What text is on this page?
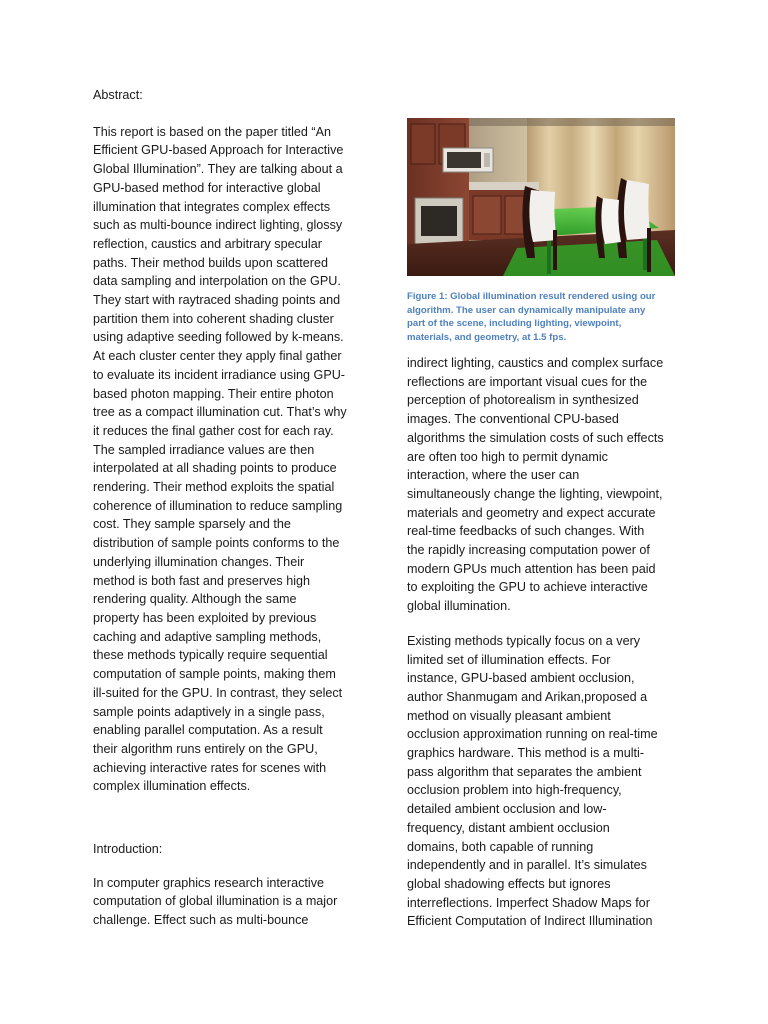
Abstract:
This report is based on the paper titled “An
Efficient GPU-based Approach for Interactive
Global Illumination”. They are talking about a
GPU-based method for interactive global
illumination that integrates complex effects
such as multi-bounce indirect lighting, glossy
reflection, caustics and arbitrary specular
paths. Their method builds upon scattered
data sampling and interpolation on the GPU.
They start with raytraced shading points and
partition them into coherent shading cluster
using adaptive seeding followed by k-means.
At each cluster center they apply final gather
to evaluate its incident irradiance using GPU-
based photon mapping. Their entire photon
tree as a compact illumination cut. That’s why
it reduces the final gather cost for each ray.
The sampled irradiance values are then
interpolated at all shading points to produce
rendering. Their method exploits the spatial
coherence of illumination to reduce sampling
cost. They sample sparsely and the
distribution of sample points conforms to the
underlying illumination changes. Their
method is both fast and preserves high
rendering quality. Although the same
property has been exploited by previous
caching and adaptive sampling methods,
these methods typically require sequential
computation of sample points, making them
ill-suited for the GPU. In contrast, they select
sample points adaptively in a single pass,
enabling parallel computation. As a result
their algorithm runs entirely on the GPU,
achieving interactive rates for scenes with
complex illumination effects.
Introduction:
In computer graphics research interactive
computation of global illumination is a major
challenge. Effect such as multi-bounce
Figure 1: Global illumination result rendered using our
algorithm. The user can dynamically manipulate any
part of the scene, including lighting, viewpoint,
materials, and geometry, at 1.5 fps.
indirect lighting, caustics and complex surface
reflections are important visual cues for the
perception of photorealism in synthesized
images. The conventional CPU-based
algorithms the simulation costs of such effects
are often too high to permit dynamic
interaction, where the user can
simultaneously change the lighting, viewpoint,
materials and geometry and expect accurate
real-time feedbacks of such changes. With
the rapidly increasing computation power of
modern GPUs much attention has been paid
to exploiting the GPU to achieve interactive
global illumination.
Existing methods typically focus on a very
limited set of illumination effects. For
instance, GPU-based ambient occlusion,
author Shanmugam and Arikan,proposed a
method on visually pleasant ambient
occlusion approximation running on real-time
graphics hardware. This method is a multi-
pass algorithm that separates the ambient
occlusion problem into high-frequency,
detailed ambient occlusion and low-
frequency, distant ambient occlusion
domains, both capable of running
independently and in parallel. It’s simulates
global shadowing effects but ignores
interreflections. Imperfect Shadow Maps for
Efficient Computation of Indirect Illumination
